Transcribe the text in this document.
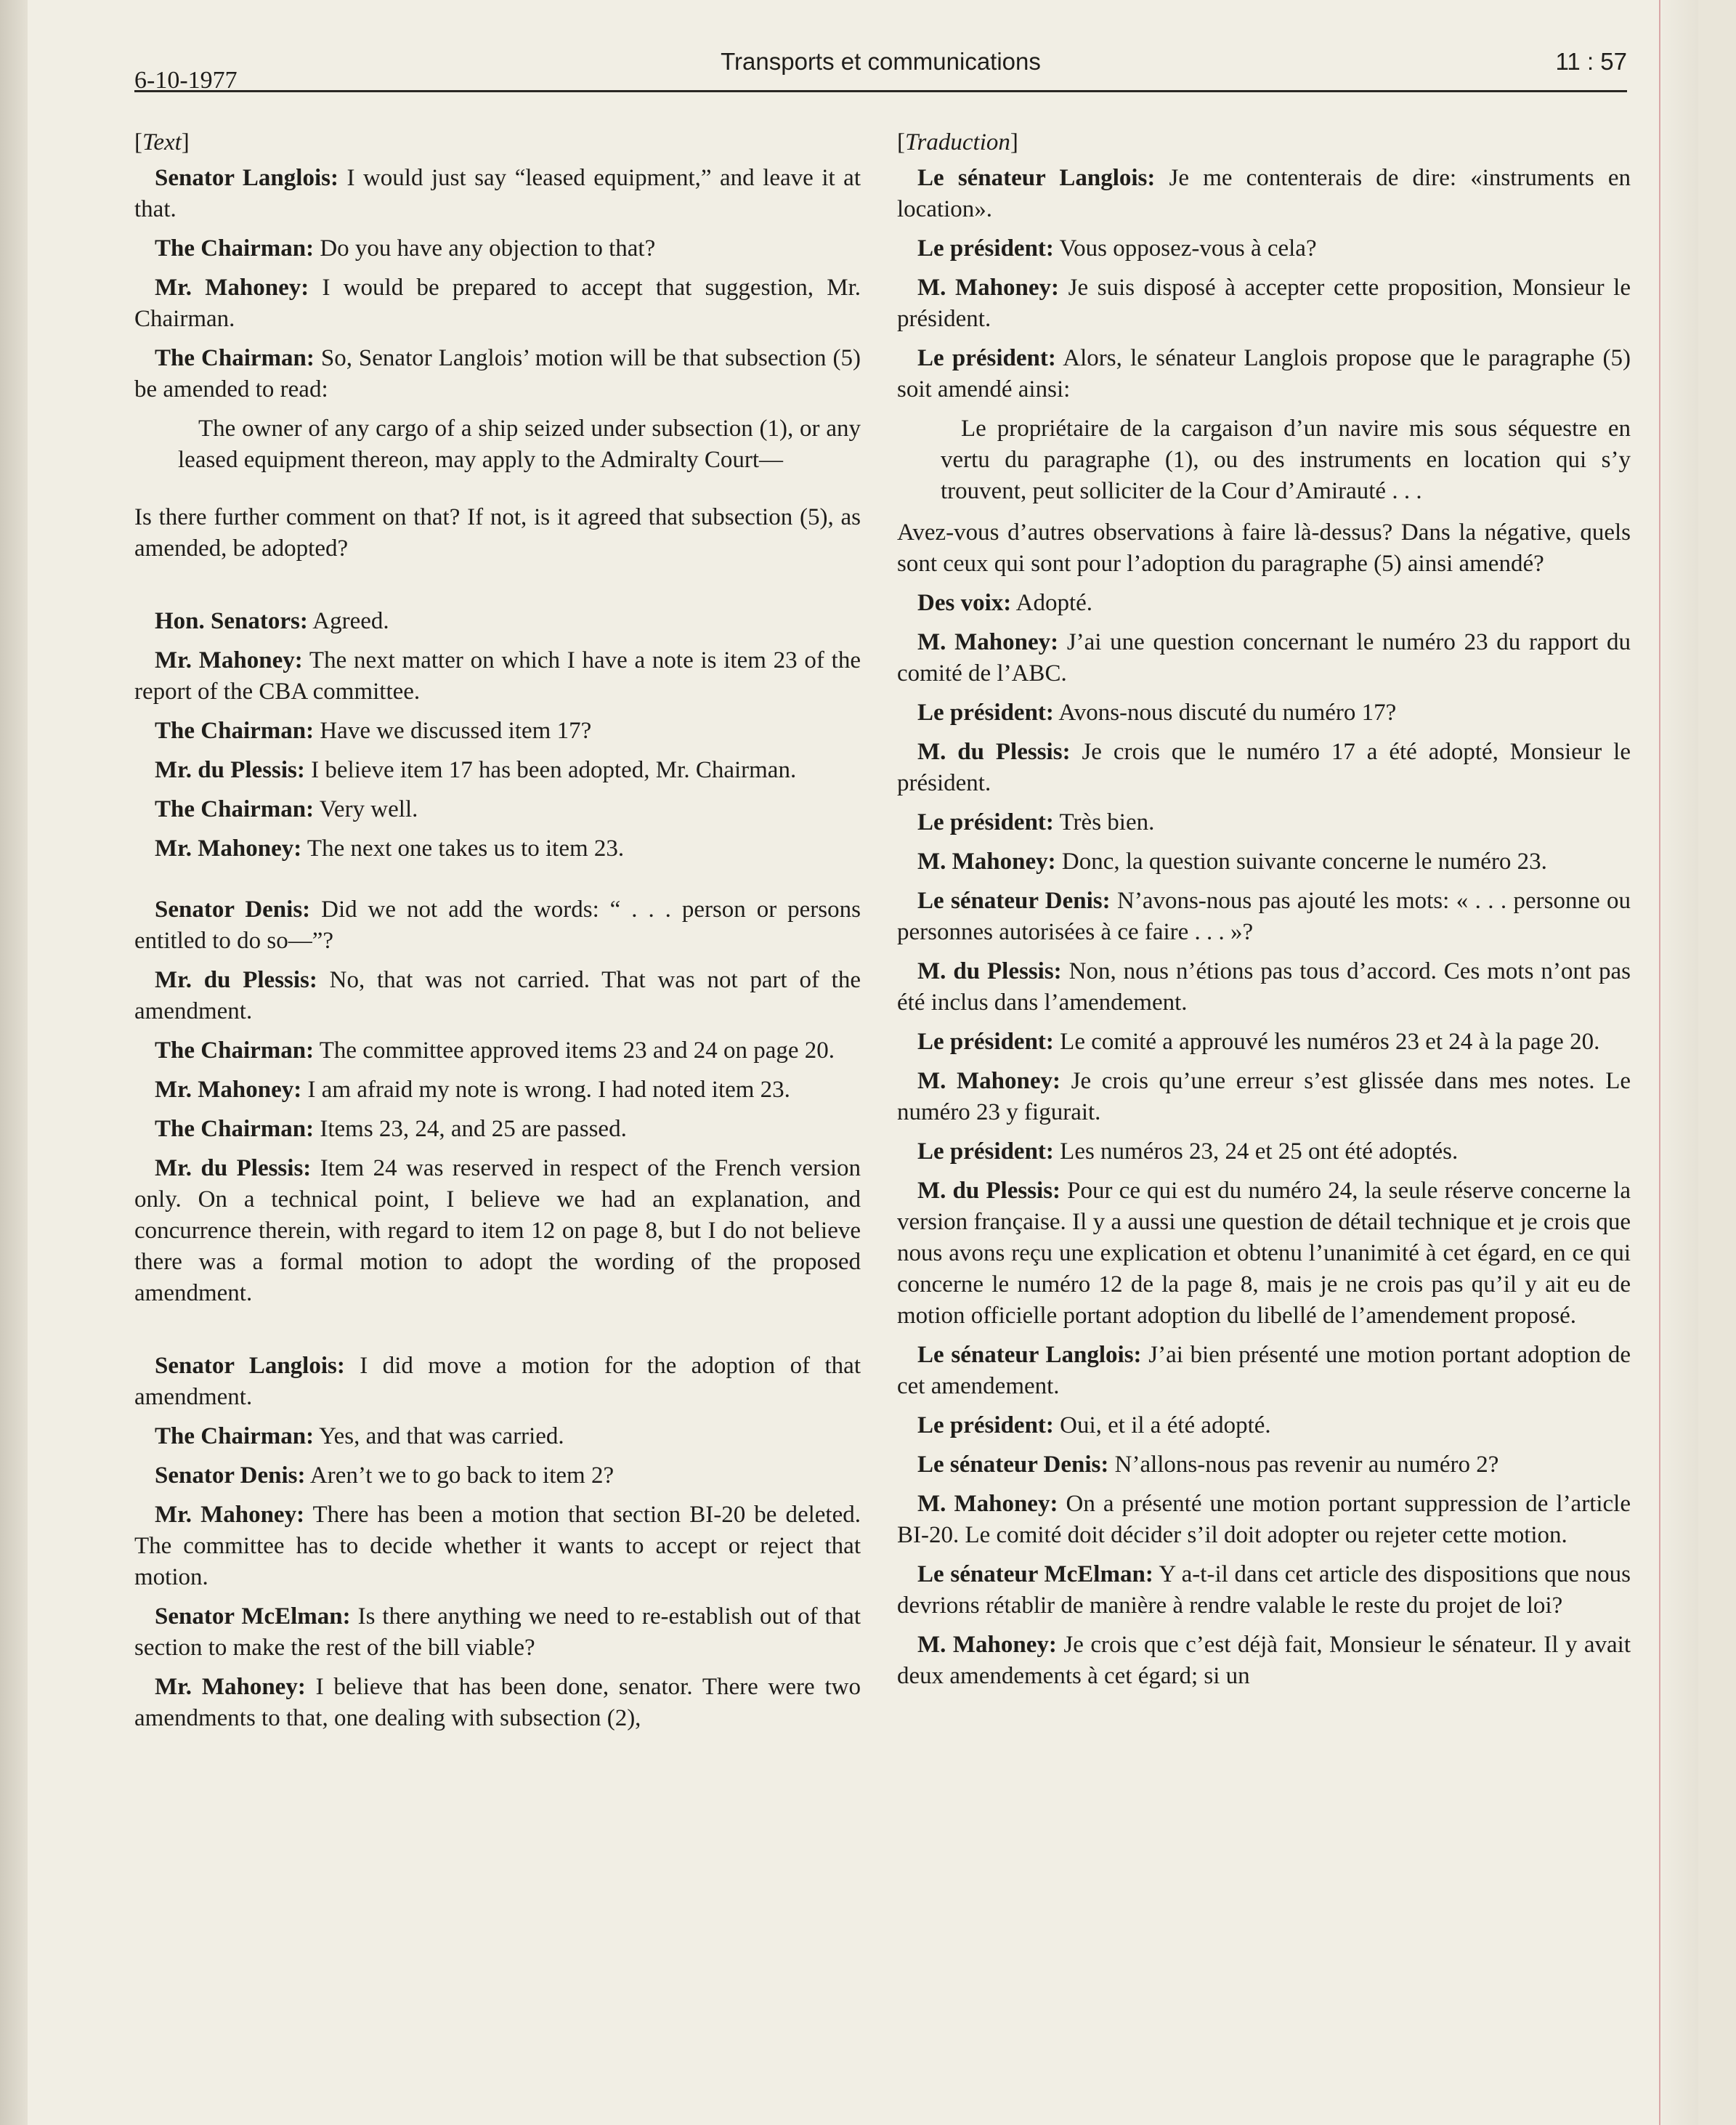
6-10-1977
Transports et communications	11 : 57

[Text]

Senator Langlois: I would just say “leased equipment,” and leave it at that.

The Chairman: Do you have any objection to that?

Mr. Mahoney: I would be prepared to accept that suggestion, Mr. Chairman.

The Chairman: So, Senator Langlois’ motion will be that subsection (5) be amended to read:

The owner of any cargo of a ship seized under subsection (1), or any leased equipment thereon, may apply to the Admiralty Court—

Is there further comment on that? If not, is it agreed that subsection (5), as amended, be adopted?

Hon. Senators: Agreed.

Mr. Mahoney: The next matter on which I have a note is item 23 of the report of the CBA committee.

The Chairman: Have we discussed item 17?

Mr. du Plessis: I believe item 17 has been adopted, Mr. Chairman.

The Chairman: Very well.

Mr. Mahoney: The next one takes us to item 23.

Senator Denis: Did we not add the words: “ . . . person or persons entitled to do so—”?

Mr. du Plessis: No, that was not carried. That was not part of the amendment.

The Chairman: The committee approved items 23 and 24 on page 20.

Mr. Mahoney: I am afraid my note is wrong. I had noted item 23.

The Chairman: Items 23, 24, and 25 are passed.

Mr. du Plessis: Item 24 was reserved in respect of the French version only. On a technical point, I believe we had an explanation, and concurrence therein, with regard to item 12 on page 8, but I do not believe there was a formal motion to adopt the wording of the proposed amendment.

Senator Langlois: I did move a motion for the adoption of that amendment.

The Chairman: Yes, and that was carried.

Senator Denis: Aren’t we to go back to item 2?

Mr. Mahoney: There has been a motion that section BI-20 be deleted. The committee has to decide whether it wants to accept or reject that motion.

Senator McElman: Is there anything we need to re-establish out of that section to make the rest of the bill viable?

Mr. Mahoney: I believe that has been done, senator. There were two amendments to that, one dealing with subsection (2),

[Traduction]

Le sénateur Langlois: Je me contenterais de dire: «instruments en location».

Le président: Vous opposez-vous à cela?

M. Mahoney: Je suis disposé à accepter cette proposition, Monsieur le président.

Le président: Alors, le sénateur Langlois propose que le paragraphe (5) soit amendé ainsi:

Le propriétaire de la cargaison d’un navire mis sous séquestre en vertu du paragraphe (1), ou des instruments en location qui s’y trouvent, peut solliciter de la Cour d’Amirauté . . .

Avez-vous d’autres observations à faire là-dessus? Dans la négative, quels sont ceux qui sont pour l’adoption du paragraphe (5) ainsi amendé?

Des voix: Adopté.

M. Mahoney: J’ai une question concernant le numéro 23 du rapport du comité de l’ABC.

Le président: Avons-nous discuté du numéro 17?

M. du Plessis: Je crois que le numéro 17 a été adopté, Monsieur le président.

Le président: Très bien.

M. Mahoney: Donc, la question suivante concerne le numéro 23.

Le sénateur Denis: N’avons-nous pas ajouté les mots: « . . . personne ou personnes autorisées à ce faire . . . »?

M. du Plessis: Non, nous n’étions pas tous d’accord. Ces mots n’ont pas été inclus dans l’amendement.

Le président: Le comité a approuvé les numéros 23 et 24 à la page 20.

M. Mahoney: Je crois qu’une erreur s’est glissée dans mes notes. Le numéro 23 y figurait.

Le président: Les numéros 23, 24 et 25 ont été adoptés.

M. du Plessis: Pour ce qui est du numéro 24, la seule réserve concerne la version française. Il y a aussi une question de détail technique et je crois que nous avons reçu une explication et obtenu l’unanimité à cet égard, en ce qui concerne le numéro 12 de la page 8, mais je ne crois pas qu’il y ait eu de motion officielle portant adoption du libellé de l’amendement proposé.

Le sénateur Langlois: J’ai bien présenté une motion portant adoption de cet amendement.

Le président: Oui, et il a été adopté.

Le sénateur Denis: N’allons-nous pas revenir au numéro 2?

M. Mahoney: On a présenté une motion portant suppression de l’article BI-20. Le comité doit décider s’il doit adopter ou rejeter cette motion.

Le sénateur McElman: Y a-t-il dans cet article des dispositions que nous devrions rétablir de manière à rendre valable le reste du projet de loi?

M. Mahoney: Je crois que c’est déjà fait, Monsieur le sénateur. Il y avait deux amendements à cet égard; si un
